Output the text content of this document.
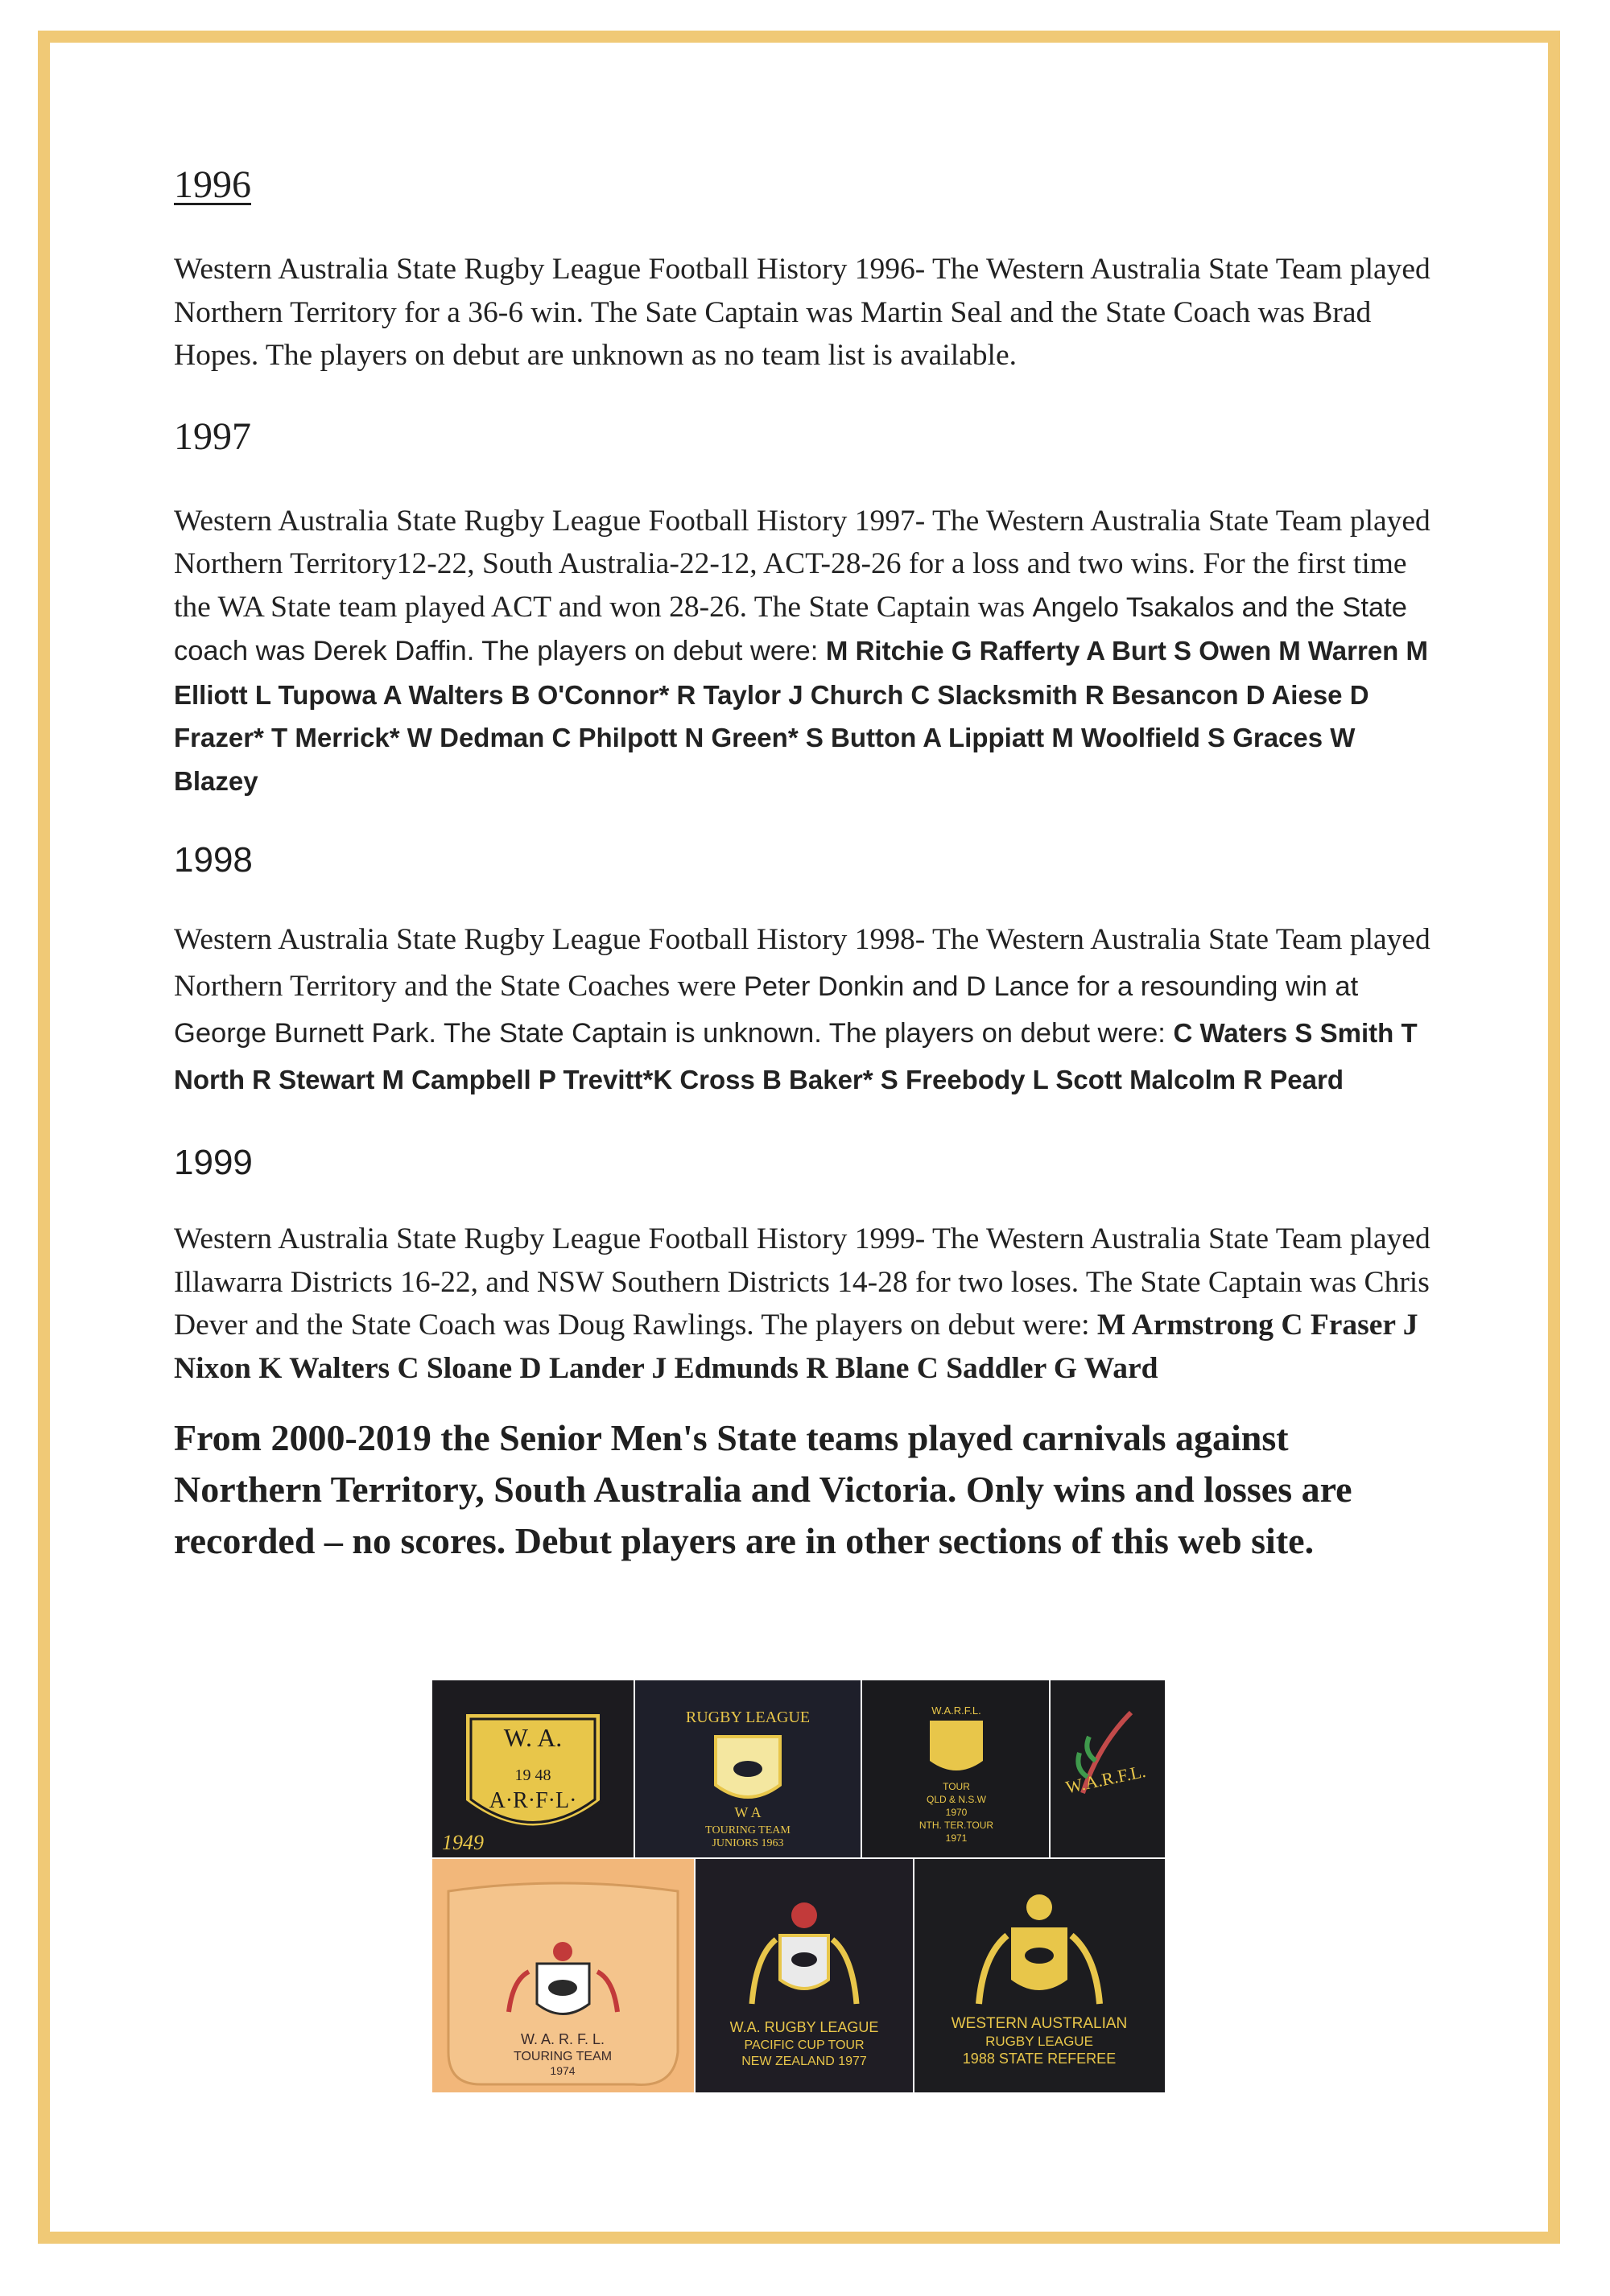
1996

Western Australia State Rugby League Football History 1996- The Western Australia State Team played Northern Territory for a 36-6 win. The Sate Captain was Martin Seal and the State Coach was Brad Hopes. The players on debut are unknown as no team list is available.

1997

Western Australia State Rugby League Football History 1997- The Western Australia State Team played Northern Territory12-22, South Australia-22-12, ACT-28-26 for a loss and two wins. For the first time the WA State team played ACT and won 28-26. The State Captain was Angelo Tsakalos and the State coach was Derek Daffin. The players on debut were: M Ritchie G Rafferty A Burt S Owen M Warren M Elliott L Tupowa A Walters B O'Connor* R Taylor J Church C Slacksmith R Besancon D Aiese D Frazer* T Merrick* W Dedman C Philpott N Green* S Button A Lippiatt M Woolfield S Graces W Blazey

1998

Western Australia State Rugby League Football History 1998- The Western Australia State Team played Northern Territory and the State Coaches were Peter Donkin and D Lance for a resounding win at George Burnett Park. The State Captain is unknown. The players on debut were: C Waters S Smith T North R Stewart M Campbell P Trevitt*K Cross B Baker* S Freebody L Scott Malcolm R Peard

1999

Western Australia State Rugby League Football History 1999- The Western Australia State Team played Illawarra Districts 16-22, and NSW Southern Districts 14-28 for two loses. The State Captain was Chris Dever and the State Coach was Doug Rawlings. The players on debut were: M Armstrong C Fraser J Nixon K Walters C Sloane D Lander J Edmunds R Blane C Saddler G Ward

From 2000-2019 the Senior Men's State teams played carnivals against Northern Territory, South Australia and Victoria. Only wins and losses are recorded – no scores. Debut players are in other sections of this web site.

W. A.
19 48
A·R·F·L·
1949
RUGBY LEAGUE
W A
TOURING TEAM
JUNIORS 1963
W.A.R.F.L.
TOUR
QLD & N.S.W
1970
NTH. TER.TOUR
1971
W.A.R.F.L.
W. A. R. F. L.
TOURING TEAM
1974
W.A. RUGBY LEAGUE
PACIFIC CUP TOUR
NEW ZEALAND 1977
WESTERN AUSTRALIAN
RUGBY LEAGUE
1988 STATE REFEREE
